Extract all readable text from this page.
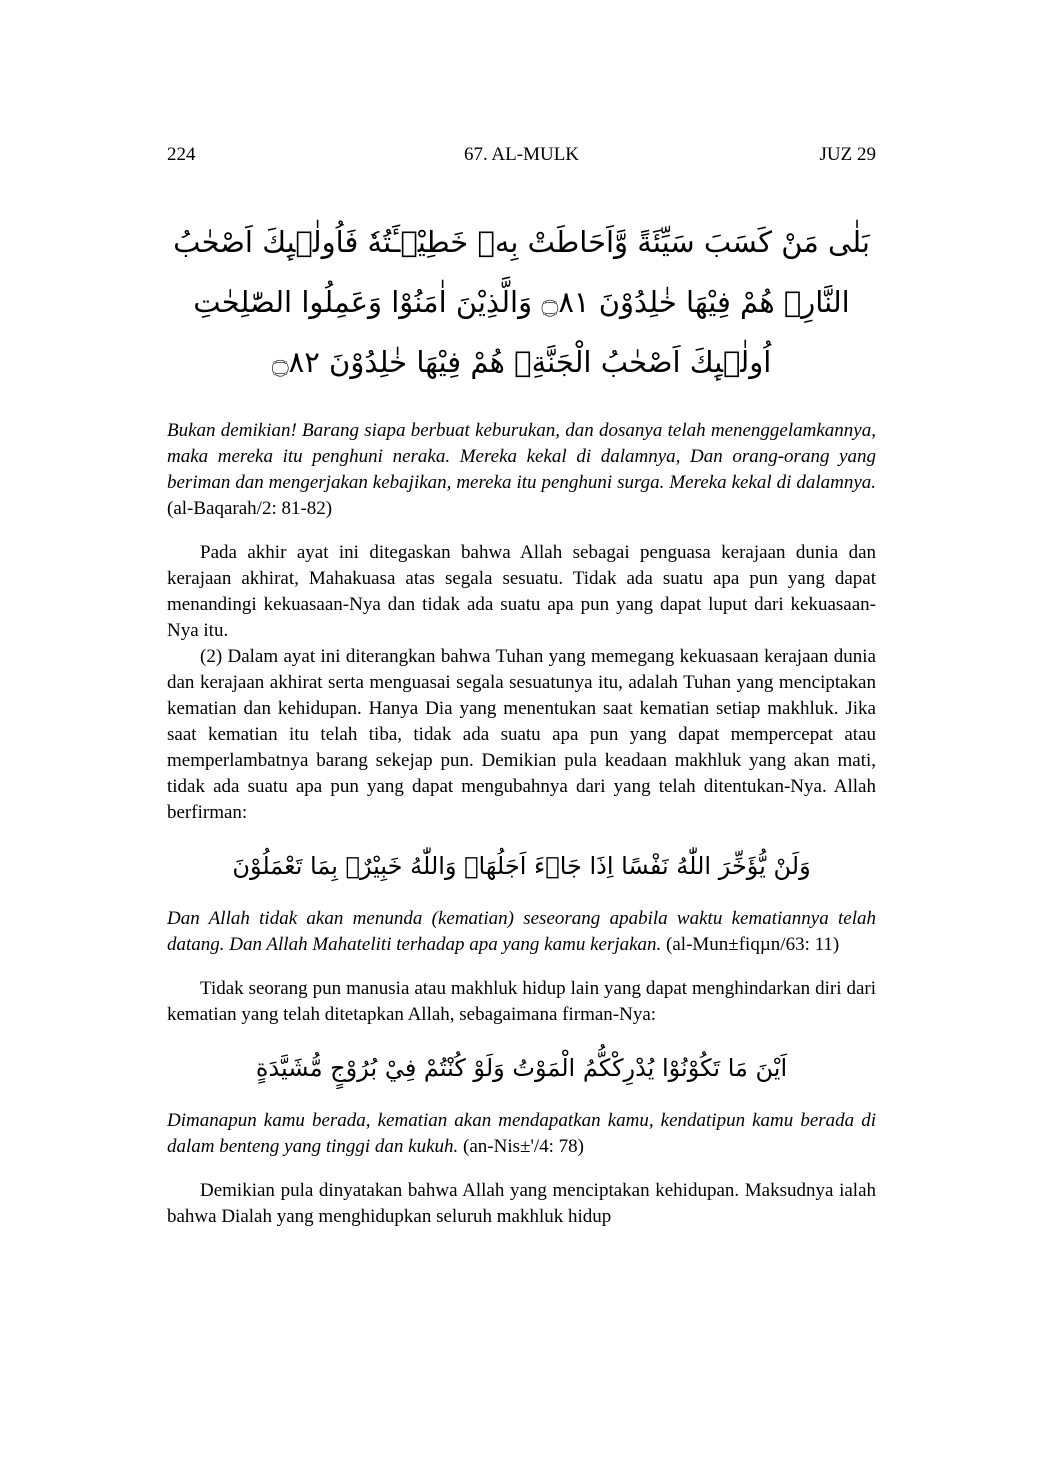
224	67. AL-MULK	JUZ 29
بَلٰى مَنْ كَسَبَ سَيِّئَةً وَّاَحَاطَتْ بِهٖ خَطِيْۤـَٔتُهٗ فَاُولٰۤىِٕكَ اَصْحٰبُ النَّارِۚ هُمْ فِيْهَا خٰلِدُوْنَ ۝٨١ وَالَّذِيْنَ اٰمَنُوْا وَعَمِلُوا الصّٰلِحٰتِ اُولٰۤىِٕكَ اَصْحٰبُ الْجَنَّةِۚ هُمْ فِيْهَا خٰلِدُوْنَ ۝٨٢

Bukan demikian! Barang siapa berbuat keburukan, dan dosanya telah menenggelamkannya, maka mereka itu penghuni neraka. Mereka kekal di dalamnya, Dan orang-orang yang beriman dan mengerjakan kebajikan, mereka itu penghuni surga. Mereka kekal di dalamnya. (al-Baqarah/2: 81-82)

Pada akhir ayat ini ditegaskan bahwa Allah sebagai penguasa kerajaan dunia dan kerajaan akhirat, Mahakuasa atas segala sesuatu. Tidak ada suatu apa pun yang dapat menandingi kekuasaan-Nya dan tidak ada suatu apa pun yang dapat luput dari kekuasaan-Nya itu.

(2) Dalam ayat ini diterangkan bahwa Tuhan yang memegang kekuasaan kerajaan dunia dan kerajaan akhirat serta menguasai segala sesuatunya itu, adalah Tuhan yang menciptakan kematian dan kehidupan. Hanya Dia yang menentukan saat kematian setiap makhluk. Jika saat kematian itu telah tiba, tidak ada suatu apa pun yang dapat mempercepat atau memperlambatnya barang sekejap pun. Demikian pula keadaan makhluk yang akan mati, tidak ada suatu apa pun yang dapat mengubahnya dari yang telah ditentukan-Nya. Allah berfirman:

وَلَنْ يُّؤَخِّرَ اللّٰهُ نَفْسًا اِذَا جَاۤءَ اَجَلُهَاۗ وَاللّٰهُ خَبِيْرٌۢ بِمَا تَعْمَلُوْنَ

Dan Allah tidak akan menunda (kematian) seseorang apabila waktu kematiannya telah datang. Dan Allah Mahateliti terhadap apa yang kamu kerjakan. (al-Mun±fiqµn/63: 11)

Tidak seorang pun manusia atau makhluk hidup lain yang dapat menghindarkan diri dari kematian yang telah ditetapkan Allah, sebagaimana firman-Nya:

اَيْنَ مَا تَكُوْنُوْا يُدْرِكْكُّمُ الْمَوْتُ وَلَوْ كُنْتُمْ فِيْ بُرُوْجٍ مُّشَيَّدَةٍ

Dimanapun kamu berada, kematian akan mendapatkan kamu, kendatipun kamu berada di dalam benteng yang tinggi dan kukuh. (an-Nis±'/4: 78)

Demikian pula dinyatakan bahwa Allah yang menciptakan kehidupan. Maksudnya ialah bahwa Dialah yang menghidupkan seluruh makhluk hidup
